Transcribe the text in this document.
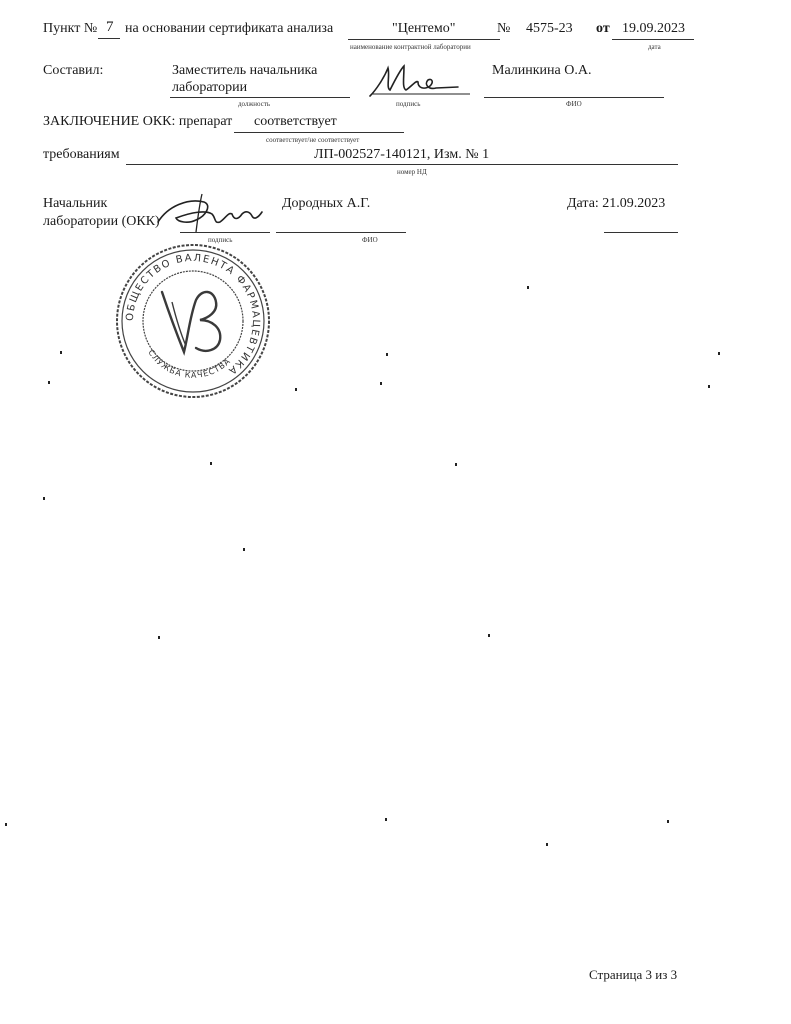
Пункт № 7 на основании сертификата анализа	"Центемо"
наименование контрактной лаборатории
№ 4575-23 от 19.09.2023
дата
Составил:	Заместитель начальника
лаборатории
должность	подпись
Малинкина О.А.
ФИО
ЗАКЛЮЧЕНИЕ ОКК: препарат соответствует
соответствует/не соответствует
требованиям	ЛП-002527-140121, Изм. № 1
номер НД
Начальник
лаборатории (ОКК)
подпись
Дородных А.Г.
ФИО
Дата: 21.09.2023
ОБЩЕСТВО ВАЛЕНТА ФАРМАЦЕВТИКА
СЛУЖБА КАЧЕСТВА
Страница 3 из 3
